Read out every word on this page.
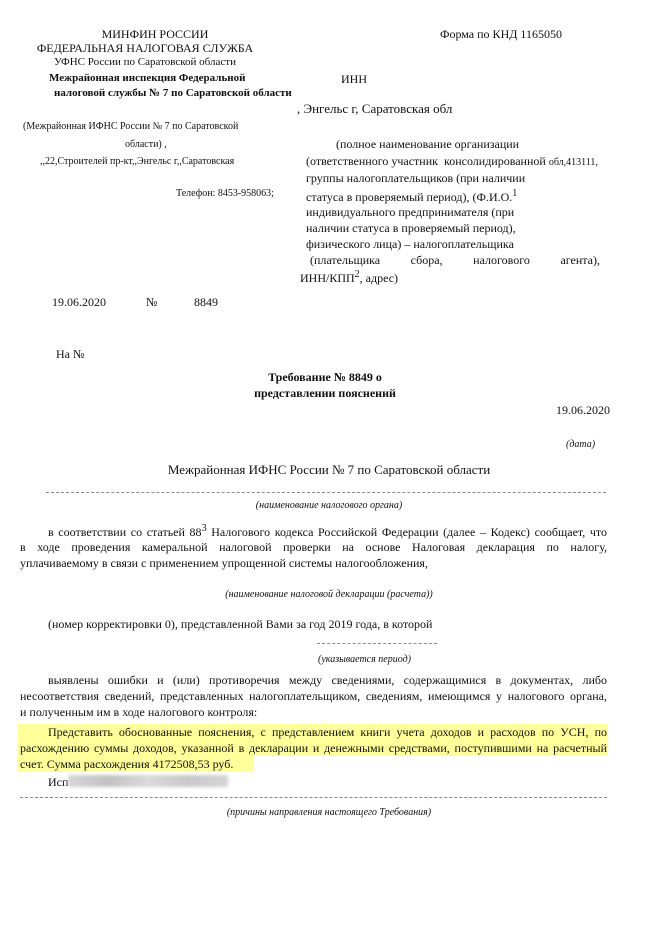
МИНФИН РОССИИ
ФЕДЕРАЛЬНАЯ НАЛОГОВАЯ СЛУЖБА
УФНС России по Саратовской области
Межрайонная инспекция Федеральной
налоговой службы № 7 по Саратовской области
(Межрайонная ИФНС России № 7 по Саратовской
области) ,
,,22,Строителей пр-кт,,Энгельс г,,Саратовская
Телефон: 8453-958063;
Форма по КНД 1165050
ИНН
, Энгельс г, Саратовская обл
(полное наименование организации
(ответственного участник консолидированной обл,413111,
группы налогоплательщиков (при наличии
статуса в проверяемый период), (Ф.И.О.$^1$
индивидуального предпринимателя (при
наличии статуса в проверяемый период),
физического лица) – налогоплательщика
(плательщика сбора, налогового агента),
ИНН/КПП$^2$, адрес)
19.06.2020	№	8849
На №
Требование № 8849 о
представлении пояснений
19.06.2020
(дата)
Межрайонная ИФНС России № 7 по Саратовской области
(наименование налогового органа)
в соответствии со статьей $88^3$ Налогового кодекса Российской Федерации (далее – Кодекс) сообщает, что
в ходе проведения камеральной налоговой проверки на основе Налоговая декларация по налогу,
уплачиваемому в связи с применением упрощенной системы налогообложения,
(наименование налоговой декларации (расчета))
(номер корректировки 0), представленной Вами за год 2019 года, в которой
(указывается период)
выявлены ошибки и (или) противоречия между сведениями, содержащимися в документах, либо
несоответствия сведений, представленных налогоплательщиком, сведениям, имеющимся у налогового органа,
и полученным им в ходе налогового контроля:
Представить обоснованные пояснения, с представлением книги учета доходов и расходов по УСН, по
расхождению суммы доходов, указанной в декларации и денежными средствами, поступившими на расчетный
счет. Сумма расхождения 4172508,53 руб.
Исп
(причины направления настоящего Требования)
